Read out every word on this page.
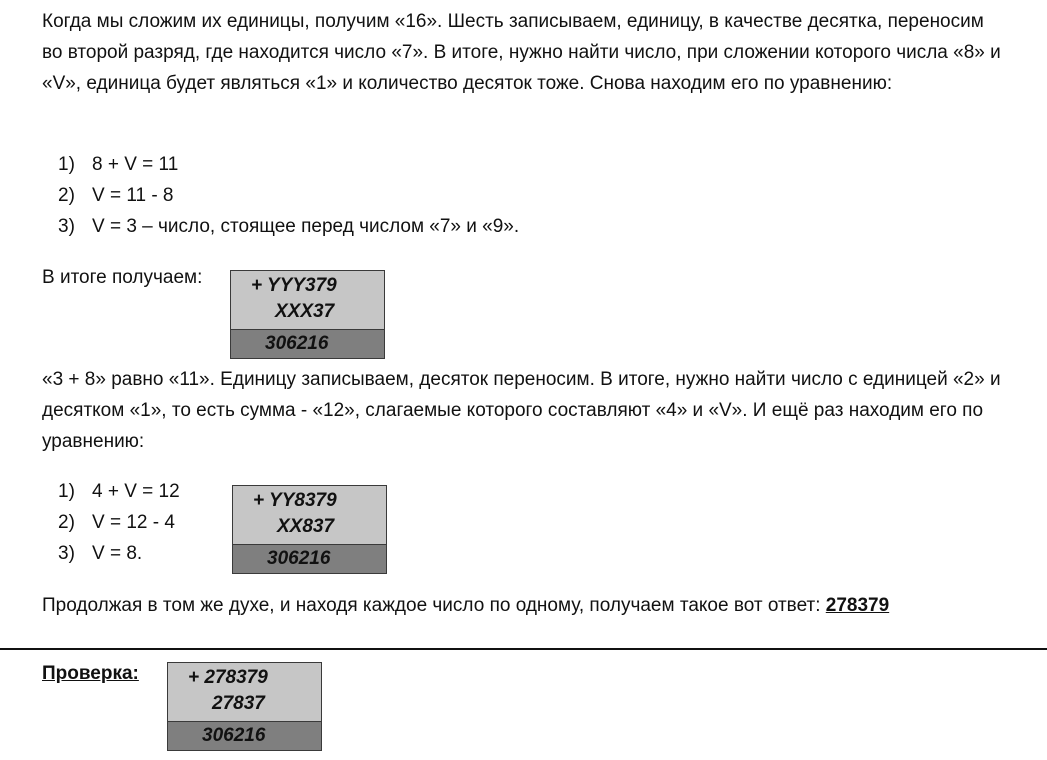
Когда мы сложим их единицы, получим «16». Шесть записываем, единицу, в качестве десятка, переносим во второй разряд, где находится число «7». В итоге, нужно найти число, при сложении которого числа «8» и «V», единица будет являться «1» и количество десяток тоже. Снова находим его по уравнению:

1) 8 + V = 11
2) V = 11 - 8
3) V = 3 – число, стоящее перед числом «7» и «9».
В итоге получаем:	+ YYY379
XXX37
306216

«3 + 8» равно «11». Единицу записываем, десяток переносим. В итоге, нужно найти число с единицей «2» и десятком «1», то есть сумма - «12», слагаемые которого составляют «4» и «V». И ещё раз находим его по уравнению:

1) 4 + V = 12
2) V = 12 - 4
3) V = 8.
+ YY8379
XX837
306216

Продолжая в том же духе, и находя каждое число по одному, получаем такое вот ответ: 278379

Проверка:	+ 278379
27837
306216
